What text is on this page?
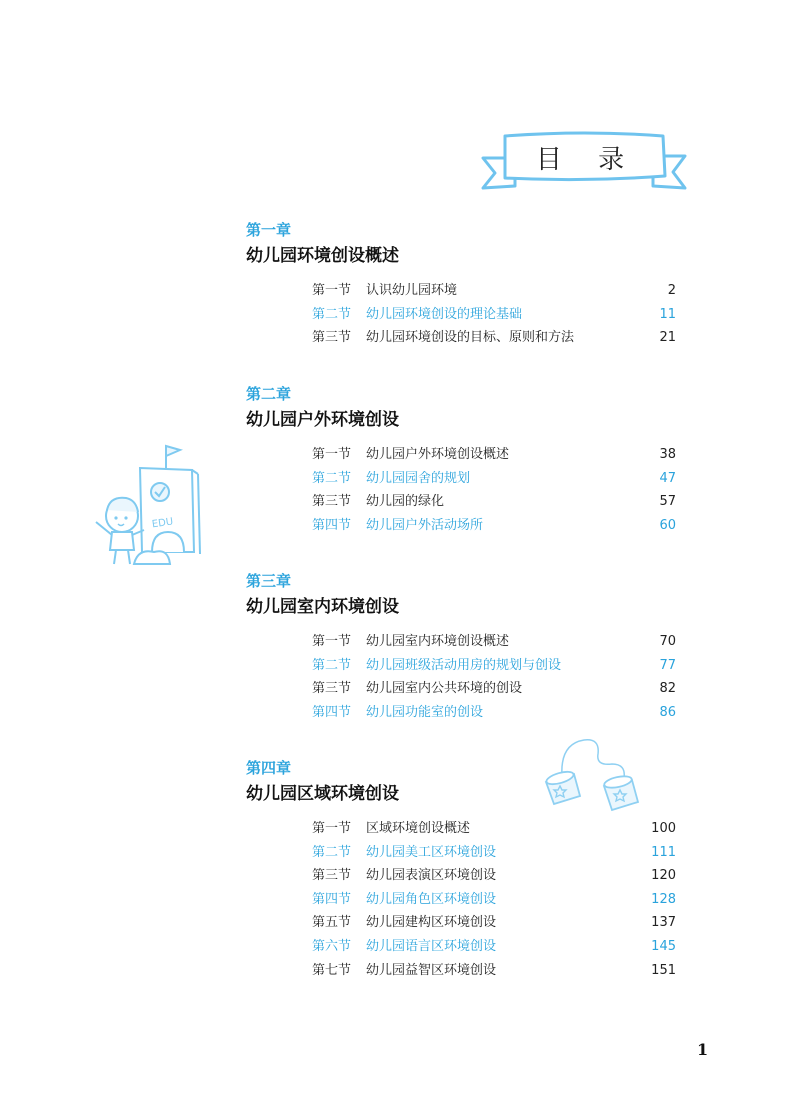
目 录
第一章
幼儿园环境创设概述
第一节 认识幼儿园环境	2
第二节 幼儿园环境创设的理论基础	11
第三节 幼儿园环境创设的目标、原则和方法	21
第二章
幼儿园户外环境创设
第一节 幼儿园户外环境创设概述	38
第二节 幼儿园园舍的规划	47
第三节 幼儿园的绿化	57
第四节 幼儿园户外活动场所	60
第三章
幼儿园室内环境创设
第一节 幼儿园室内环境创设概述	70
第二节 幼儿园班级活动用房的规划与创设	77
第三节 幼儿园室内公共环境的创设	82
第四节 幼儿园功能室的创设	86
第四章
幼儿园区域环境创设
第一节 区域环境创设概述	100
第二节 幼儿园美工区环境创设	111
第三节 幼儿园表演区环境创设	120
第四节 幼儿园角色区环境创设	128
第五节 幼儿园建构区环境创设	137
第六节 幼儿园语言区环境创设	145
第七节 幼儿园益智区环境创设	151
EDU
1
